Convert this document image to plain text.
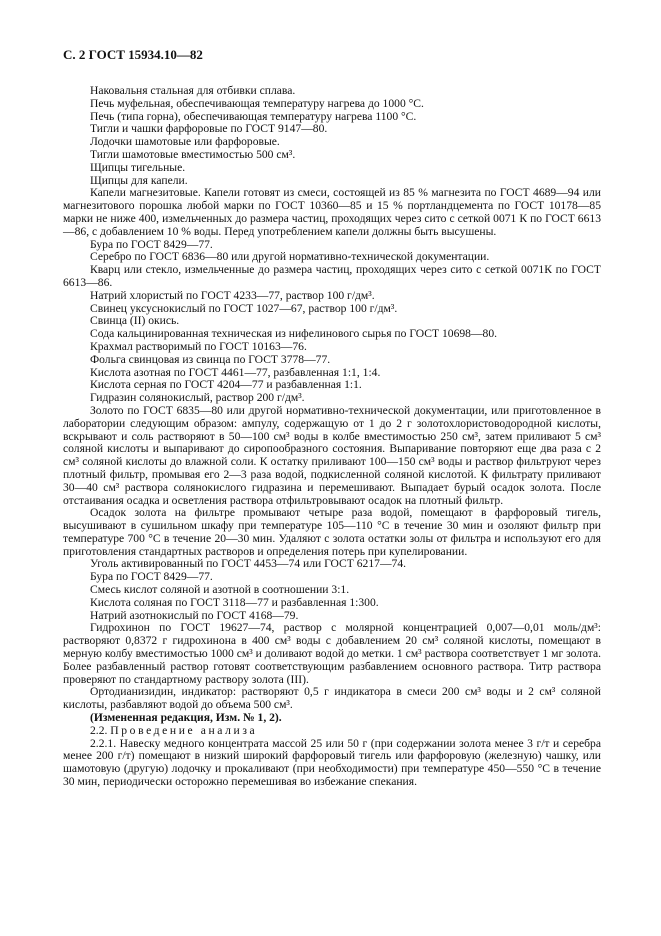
С. 2 ГОСТ 15934.10—82

Наковальня стальная для отбивки сплава.

Печь муфельная, обеспечивающая температуру нагрева до 1000 °С.

Печь (типа горна), обеспечивающая температуру нагрева 1100 °С.

Тигли и чашки фарфоровые по ГОСТ 9147—80.

Лодочки шамотовые или фарфоровые.

Тигли шамотовые вместимостью 500 см³.

Щипцы тигельные.

Щипцы для капели.

Капели магнезитовые. Капели готовят из смеси, состоящей из 85 % магнезита по ГОСТ 4689—94 или магнезитового порошка любой марки по ГОСТ 10360—85 и 15 % портландцемента по ГОСТ 10178—85 марки не ниже 400, измельченных до размера частиц, проходящих через сито с сеткой 0071 К по ГОСТ 6613—86, с добавлением 10 % воды. Перед употреблением капели должны быть высушены.

Бура по ГОСТ 8429—77.

Серебро по ГОСТ 6836—80 или другой нормативно-технической документации.

Кварц или стекло, измельченные до размера частиц, проходящих через сито с сеткой 0071К по ГОСТ 6613—86.

Натрий хлористый по ГОСТ 4233—77, раствор 100 г/дм³.

Свинец уксуснокислый по ГОСТ 1027—67, раствор 100 г/дм³.

Свинца (II) окись.

Сода кальцинированная техническая из нифелинового сырья по ГОСТ 10698—80.

Крахмал растворимый по ГОСТ 10163—76.

Фольга свинцовая из свинца по ГОСТ 3778—77.

Кислота азотная по ГОСТ 4461—77, разбавленная 1:1, 1:4.

Кислота серная по ГОСТ 4204—77 и разбавленная 1:1.

Гидразин солянокислый, раствор 200 г/дм³.

Золото по ГОСТ 6835—80 или другой нормативно-технической документации, или приготовленное в лаборатории следующим образом: ампулу, содержащую от 1 до 2 г золотохлористоводородной кислоты, вскрывают и соль растворяют в 50—100 см³ воды в колбе вместимостью 250 см³, затем приливают 5 см³ соляной кислоты и выпаривают до сиропообразного состояния. Выпаривание повторяют еще два раза с 2 см³ соляной кислоты до влажной соли. К остатку приливают 100—150 см³ воды и раствор фильтруют через плотный фильтр, промывая его 2—3 раза водой, подкисленной соляной кислотой. К фильтрату приливают 30—40 см³ раствора солянокислого гидразина и перемешивают. Выпадает бурый осадок золота. После отстаивания осадка и осветления раствора отфильтровывают осадок на плотный фильтр.

Осадок золота на фильтре промывают четыре раза водой, помещают в фарфоровый тигель, высушивают в сушильном шкафу при температуре 105—110 °С в течение 30 мин и озоляют фильтр при температуре 700 °С в течение 20—30 мин. Удаляют с золота остатки золы от фильтра и используют его для приготовления стандартных растворов и определения потерь при купелировании.

Уголь активированный по ГОСТ 4453—74 или ГОСТ 6217—74.

Бура по ГОСТ 8429—77.

Смесь кислот соляной и азотной в соотношении 3:1.

Кислота соляная по ГОСТ 3118—77 и разбавленная 1:300.

Натрий азотнокислый по ГОСТ 4168—79.

Гидрохинон по ГОСТ 19627—74, раствор с молярной концентрацией 0,007—0,01 моль/дм³: растворяют 0,8372 г гидрохинона в 400 см³ воды с добавлением 20 см³ соляной кислоты, помещают в мерную колбу вместимостью 1000 см³ и доливают водой до метки. 1 см³ раствора соответствует 1 мг золота. Более разбавленный раствор готовят соответствующим разбавлением основного раствора. Титр раствора проверяют по стандартному раствору золота (III).

Ортодианизидин, индикатор: растворяют 0,5 г индикатора в смеси 200 см³ воды и 2 см³ соляной кислоты, разбавляют водой до объема 500 см³.

(Измененная редакция, Изм. № 1, 2).

2.2. Проведение анализа

2.2.1. Навеску медного концентрата массой 25 или 50 г (при содержании золота менее 3 г/т и серебра менее 200 г/т) помещают в низкий широкий фарфоровый тигель или фарфоровую (железную) чашку, или шамотовую (другую) лодочку и прокаливают (при необходимости) при температуре 450—550 °С в течение 30 мин, периодически осторожно перемешивая во избежание спекания.
